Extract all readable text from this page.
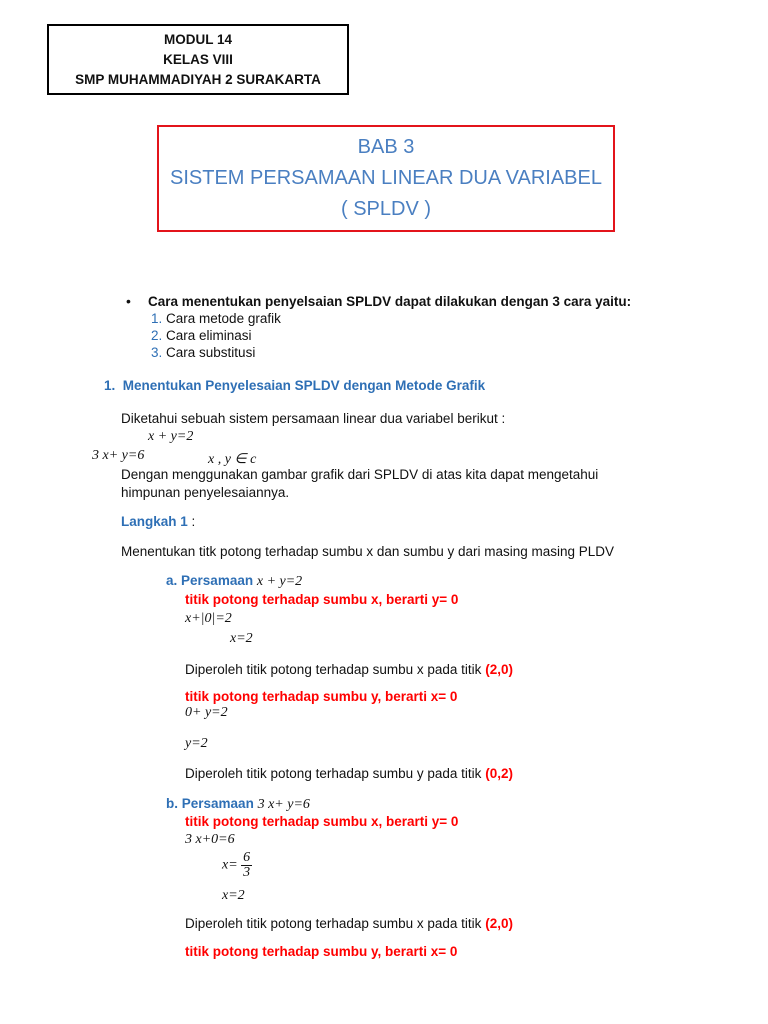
MODUL 14
KELAS VIII
SMP MUHAMMADIYAH 2 SURAKARTA
BAB 3
SISTEM PERSAMAAN LINEAR DUA VARIABEL
( SPLDV )
• Cara menentukan penyelsaian SPLDV dapat dilakukan dengan 3 cara yaitu:
1. Cara metode grafik
2. Cara eliminasi
3. Cara substitusi
1. Menentukan Penyelesaian SPLDV dengan Metode Grafik
Diketahui sebuah sistem persamaan linear dua variabel berikut :
x + y=2
3 x+ y=6	x , y ∈ c
Dengan menggunakan gambar grafik dari SPLDV di atas kita dapat mengetahui
himpunan penyelesaiannya.
Langkah 1 :
Menentukan titk potong terhadap sumbu x dan sumbu y dari masing masing PLDV
a. Persamaan x + y=2
titik potong terhadap sumbu x, berarti y= 0
x+|0|=2
x=2
Diperoleh titik potong terhadap sumbu x pada titik (2,0)
titik potong terhadap sumbu y, berarti x= 0
0+ y=2
y=2
Diperoleh titik potong terhadap sumbu y pada titik (0,2)
b. Persamaan 3 x+ y=6
titik potong terhadap sumbu x, berarti y= 0
3 x+0=6
$x= \frac{6}{3}$
x=2
Diperoleh titik potong terhadap sumbu x pada titik (2,0)
titik potong terhadap sumbu y, berarti x= 0
